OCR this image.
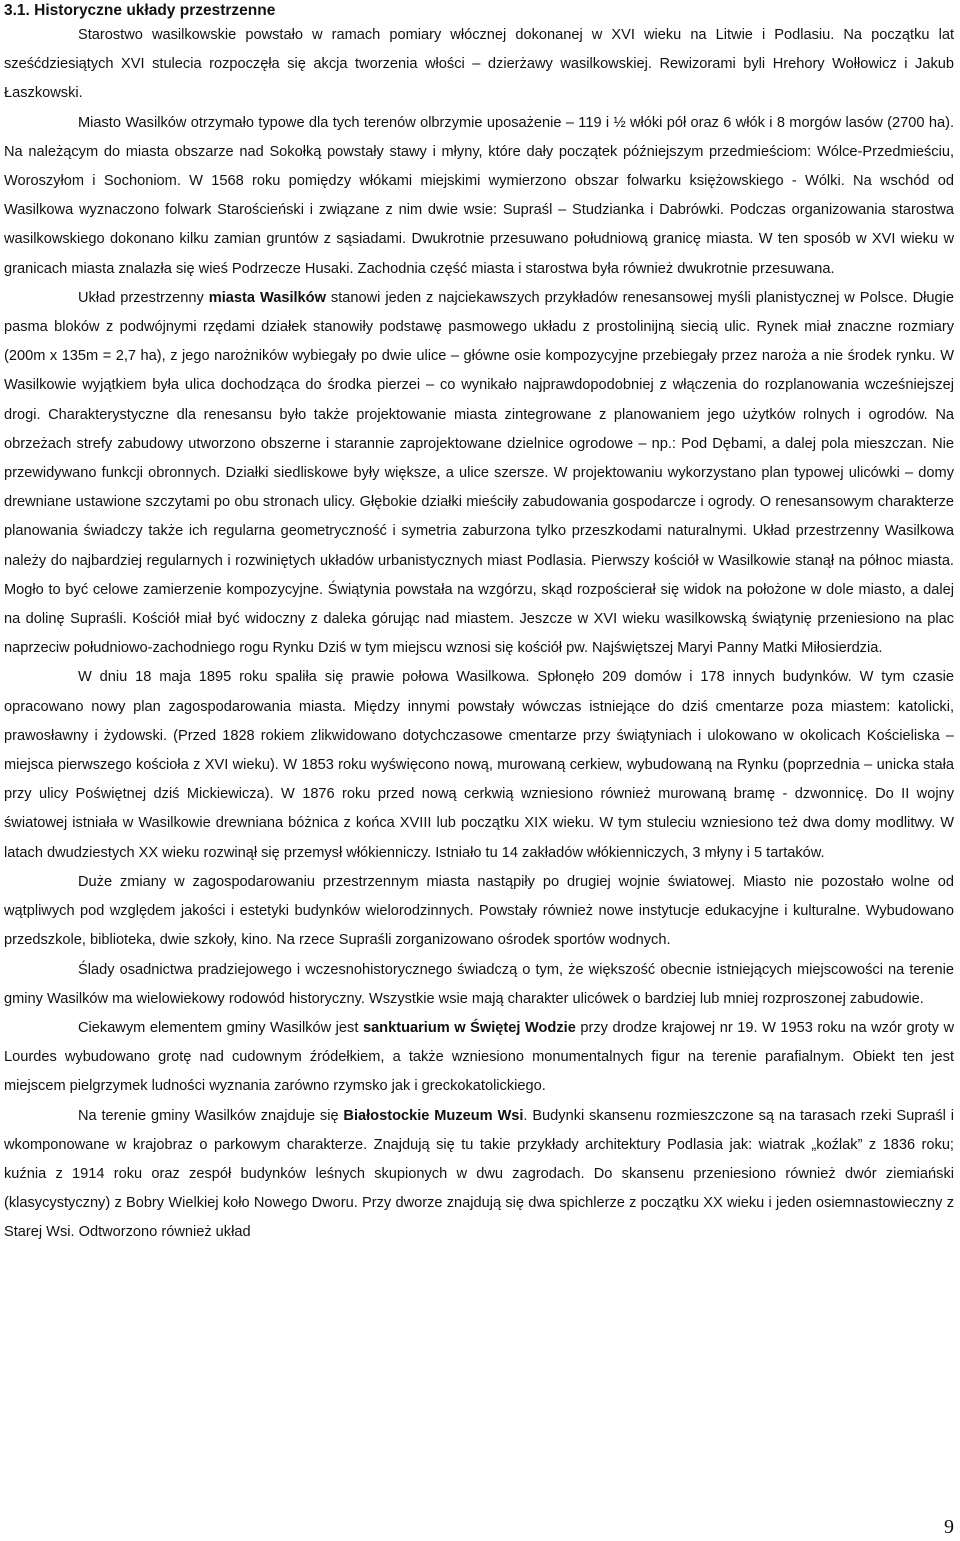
3.1. Historyczne układy przestrzenne

Starostwo wasilkowskie powstało w ramach pomiary włócznej dokonanej w XVI wieku na Litwie i Podlasiu. Na początku lat sześćdziesiątych XVI stulecia rozpoczęła się akcja tworzenia włości – dzierżawy wasilkowskiej. Rewizorami byli Hrehory Wołłowicz i Jakub Łaszkowski.

Miasto Wasilków otrzymało typowe dla tych terenów olbrzymie uposażenie – 119 i ½ włóki pół oraz 6 włók i 8 morgów lasów (2700 ha). Na należącym do miasta obszarze nad Sokołką powstały stawy i młyny, które dały początek późniejszym przedmieściom: Wólce-Przedmieściu, Woroszyłom i Sochoniom. W 1568 roku pomiędzy włókami miejskimi wymierzono obszar folwarku księżowskiego - Wólki. Na wschód od Wasilkowa wyznaczono folwark Starościeński i związane z nim dwie wsie: Supraśl – Studzianka i Dabrówki. Podczas organizowania starostwa wasilkowskiego dokonano kilku zamian gruntów z sąsiadami. Dwukrotnie przesuwano południową granicę miasta. W ten sposób w XVI wieku w granicach miasta znalazła się wieś Podrzecze Husaki. Zachodnia część miasta i starostwa była również dwukrotnie przesuwana.

Układ przestrzenny miasta Wasilków stanowi jeden z najciekawszych przykładów renesansowej myśli planistycznej w Polsce. Długie pasma bloków z podwójnymi rzędami działek stanowiły podstawę pasmowego układu z prostolinijną siecią ulic. Rynek miał znaczne rozmiary (200m x 135m = 2,7 ha), z jego narożników wybiegały po dwie ulice – główne osie kompozycyjne przebiegały przez naroża a nie środek rynku. W Wasilkowie wyjątkiem była ulica dochodząca do środka pierzei – co wynikało najprawdopodobniej z włączenia do rozplanowania wcześniejszej drogi. Charakterystyczne dla renesansu było także projektowanie miasta zintegrowane z planowaniem jego użytków rolnych i ogrodów. Na obrzeżach strefy zabudowy utworzono obszerne i starannie zaprojektowane dzielnice ogrodowe – np.: Pod Dębami, a dalej pola mieszczan. Nie przewidywano funkcji obronnych. Działki siedliskowe były większe, a ulice szersze. W projektowaniu wykorzystano plan typowej ulicówki – domy drewniane ustawione szczytami po obu stronach ulicy. Głębokie działki mieściły zabudowania gospodarcze i ogrody. O renesansowym charakterze planowania świadczy także ich regularna geometryczność i symetria zaburzona tylko przeszkodami naturalnymi. Układ przestrzenny Wasilkowa należy do najbardziej regularnych i rozwiniętych układów urbanistycznych miast Podlasia. Pierwszy kościół w Wasilkowie stanął na północ miasta. Mogło to być celowe zamierzenie kompozycyjne. Świątynia powstała na wzgórzu, skąd rozpościerał się widok na położone w dole miasto, a dalej na dolinę Supraśli. Kościół miał być widoczny z daleka górując nad miastem. Jeszcze w XVI wieku wasilkowską świątynię przeniesiono na plac naprzeciw południowo-zachodniego rogu Rynku Dziś w tym miejscu wznosi się kościół pw. Najświętszej Maryi Panny Matki Miłosierdzia.

W dniu 18 maja 1895 roku spaliła się prawie połowa Wasilkowa. Spłonęło 209 domów i 178 innych budynków. W tym czasie opracowano nowy plan zagospodarowania miasta. Między innymi powstały wówczas istniejące do dziś cmentarze poza miastem: katolicki, prawosławny i żydowski. (Przed 1828 rokiem zlikwidowano dotychczasowe cmentarze przy świątyniach i ulokowano w okolicach Kościeliska – miejsca pierwszego kościoła z XVI wieku). W 1853 roku wyświęcono nową, murowaną cerkiew, wybudowaną na Rynku (poprzednia – unicka stała przy ulicy Poświętnej dziś Mickiewicza). W 1876 roku przed nową cerkwią wzniesiono również murowaną bramę - dzwonnicę. Do II wojny światowej istniała w Wasilkowie drewniana bóżnica z końca XVIII lub początku XIX wieku. W tym stuleciu wzniesiono też dwa domy modlitwy. W latach dwudziestych XX wieku rozwinął się przemysł włókienniczy. Istniało tu 14 zakładów włókienniczych, 3 młyny i 5 tartaków.

Duże zmiany w zagospodarowaniu przestrzennym miasta nastąpiły po drugiej wojnie światowej. Miasto nie pozostało wolne od wątpliwych pod względem jakości i estetyki budynków wielorodzinnych. Powstały również nowe instytucje edukacyjne i kulturalne. Wybudowano przedszkole, biblioteka, dwie szkoły, kino. Na rzece Supraśli zorganizowano ośrodek sportów wodnych.

Ślady osadnictwa pradziejowego i wczesnohistorycznego świadczą o tym, że większość obecnie istniejących miejscowości na terenie gminy Wasilków ma wielowiekowy rodowód historyczny. Wszystkie wsie mają charakter ulicówek o bardziej lub mniej rozproszonej zabudowie.

Ciekawym elementem gminy Wasilków jest sanktuarium w Świętej Wodzie przy drodze krajowej nr 19. W 1953 roku na wzór groty w Lourdes wybudowano grotę nad cudownym źródełkiem, a także wzniesiono monumentalnych figur na terenie parafialnym. Obiekt ten jest miejscem pielgrzymek ludności wyznania zarówno rzymsko jak i greckokatolickiego.

Na terenie gminy Wasilków znajduje się Białostockie Muzeum Wsi. Budynki skansenu rozmieszczone są na tarasach rzeki Supraśl i wkomponowane w krajobraz o parkowym charakterze. Znajdują się tu takie przykłady architektury Podlasia jak: wiatrak „koźlak” z 1836 roku; kuźnia z 1914 roku oraz zespół budynków leśnych skupionych w dwu zagrodach. Do skansenu przeniesiono również dwór ziemiański (klasycystyczny) z Bobry Wielkiej koło Nowego Dworu. Przy dworze znajdują się dwa spichlerze z początku XX wieku i jeden osiemnastowieczny z Starej Wsi. Odtworzono również układ

9
